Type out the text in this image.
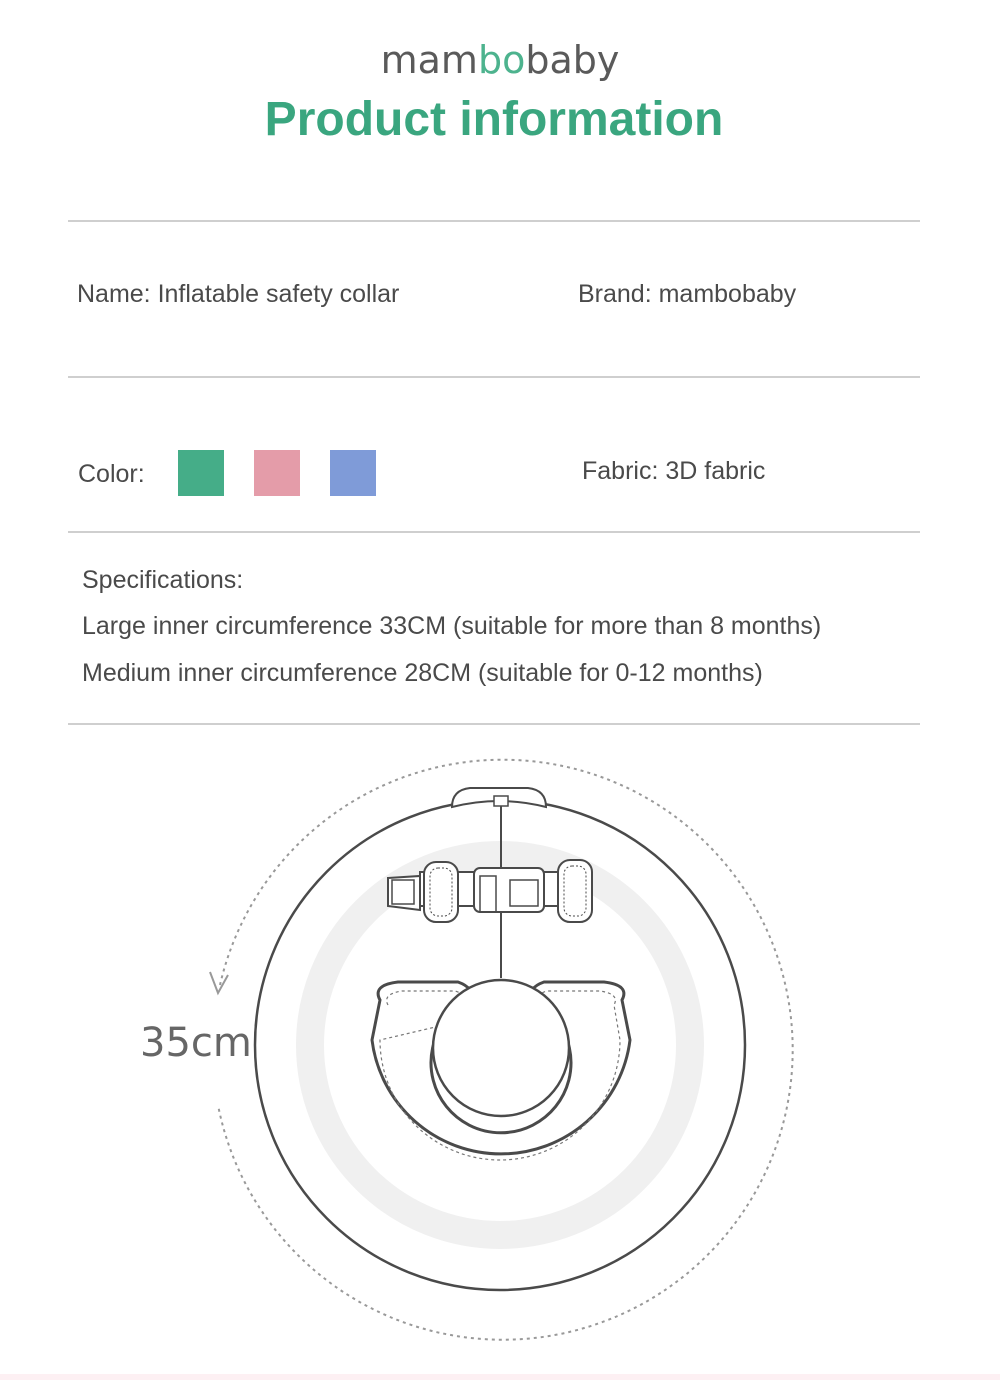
mambobaby
Product information
Name: Inflatable safety collar	Brand: mambobaby
Color:	Fabric: 3D fabric
Specifications:
Large inner circumference 33CM (suitable for more than 8 months)
Medium inner circumference 28CM (suitable for 0-12 months)
35cm
